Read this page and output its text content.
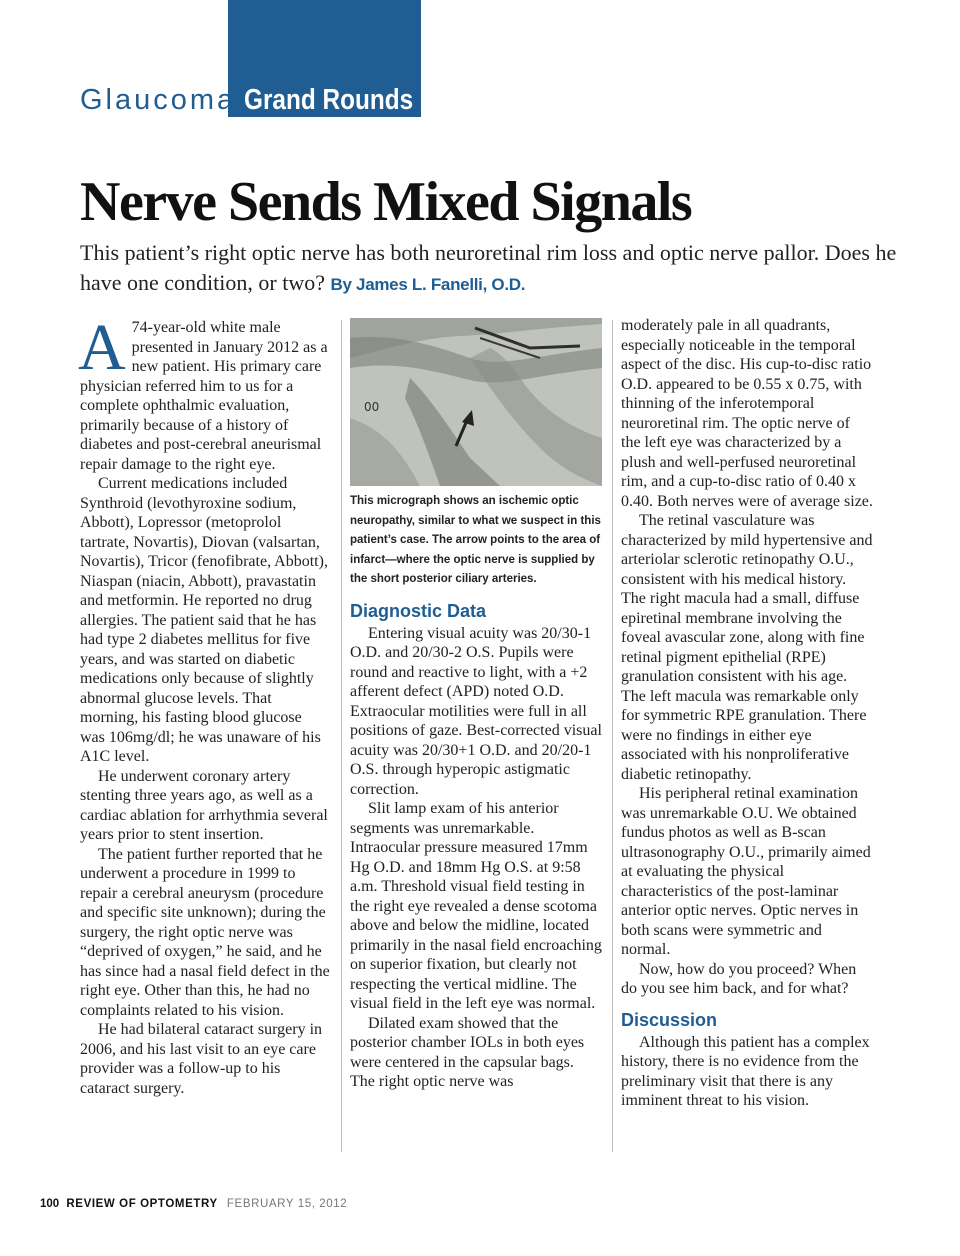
Glaucoma Grand Rounds
Nerve Sends Mixed Signals
This patient’s right optic nerve has both neuroretinal rim loss and optic nerve pallor. Does he have one condition, or two? By James L. Fanelli, O.D.

A 74-year-old white male presented in January 2012 as a new patient. His primary care physician referred him to us for a complete ophthalmic evaluation, primarily because of a history of diabetes and post-cerebral aneurismal repair damage to the right eye.

Current medications included Synthroid (levothyroxine sodium, Abbott), Lopressor (metoprolol tartrate, Novartis), Diovan (valsartan, Novartis), Tricor (fenofibrate, Abbott), Niaspan (niacin, Abbott), pravastatin and metformin. He reported no drug allergies. The patient said that he has had type 2 diabetes mellitus for five years, and was started on diabetic medications only because of slightly abnormal glucose levels. That morning, his fasting blood glucose was 106mg/dl; he was unaware of his A1C level.

He underwent coronary artery stenting three years ago, as well as a cardiac ablation for arrhythmia several years prior to stent insertion.

The patient further reported that he underwent a procedure in 1999 to repair a cerebral aneurysm (procedure and specific site unknown); during the surgery, the right optic nerve was “deprived of oxygen,” he said, and he has since had a nasal field defect in the right eye. Other than this, he had no complaints related to his vision.

He had bilateral cataract surgery in 2006, and his last visit to an eye care provider was a follow-up to his cataract surgery.

00
This micrograph shows an ischemic optic neuropathy, similar to what we suspect in this patient’s case. The arrow points to the area of infarct—where the optic nerve is supplied by the short posterior ciliary arteries.
Diagnostic Data

Entering visual acuity was 20/30-1 O.D. and 20/30-2 O.S. Pupils were round and reactive to light, with a +2 afferent defect (APD) noted O.D. Extraocular motilities were full in all positions of gaze. Best-corrected visual acuity was 20/30+1 O.D. and 20/20-1 O.S. through hyperopic astigmatic correction.

Slit lamp exam of his anterior segments was unremarkable. Intraocular pressure measured 17mm Hg O.D. and 18mm Hg O.S. at 9:58 a.m. Threshold visual field testing in the right eye revealed a dense scotoma above and below the midline, located primarily in the nasal field encroaching on superior fixation, but clearly not respecting the vertical midline. The visual field in the left eye was normal.

Dilated exam showed that the posterior chamber IOLs in both eyes were centered in the capsular bags. The right optic nerve was

moderately pale in all quadrants, especially noticeable in the temporal aspect of the disc. His cup-to-disc ratio O.D. appeared to be 0.55 x 0.75, with thinning of the inferotemporal neuroretinal rim. The optic nerve of the left eye was characterized by a plush and well-perfused neuroretinal rim, and a cup-to-disc ratio of 0.40 x 0.40. Both nerves were of average size.

The retinal vasculature was characterized by mild hypertensive and arteriolar sclerotic retinopathy O.U., consistent with his medical history. The right macula had a small, diffuse epiretinal membrane involving the foveal avascular zone, along with fine retinal pigment epithelial (RPE) granulation consistent with his age. The left macula was remarkable only for symmetric RPE granulation. There were no findings in either eye associated with his nonproliferative diabetic retinopathy.

His peripheral retinal examination was unremarkable O.U. We obtained fundus photos as well as B-scan ultrasonography O.U., primarily aimed at evaluating the physical characteristics of the post-laminar anterior optic nerves. Optic nerves in both scans were symmetric and normal.

Now, how do you proceed? When do you see him back, and for what?

Discussion

Although this patient has a complex history, there is no evidence from the preliminary visit that there is any imminent threat to his vision.

100 REVIEW OF OPTOMETRY FEBRUARY 15, 2012
